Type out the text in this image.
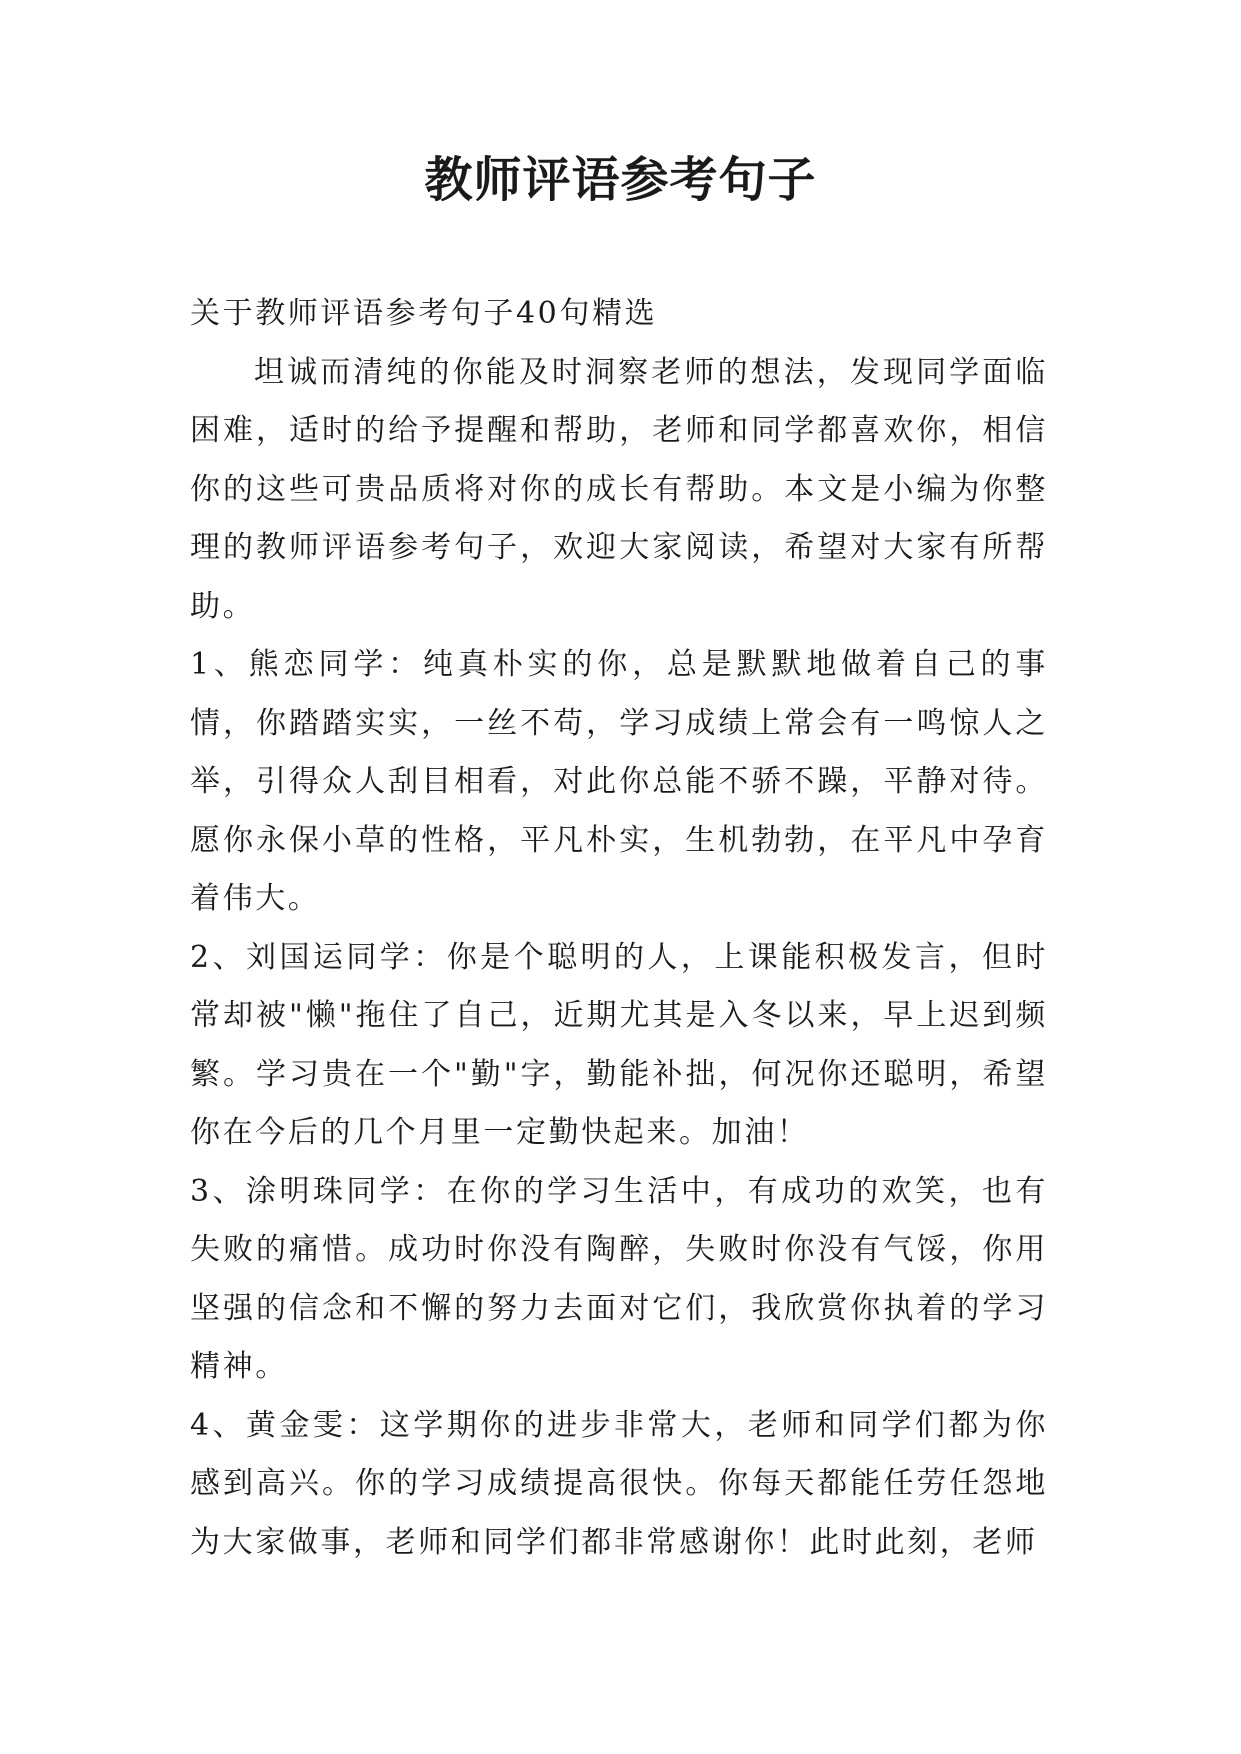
教师评语参考句子

关于教师评语参考句子40句精选

坦诚而清纯的你能及时洞察老师的想法，发现同学面临困难，适时的给予提醒和帮助，老师和同学都喜欢你，相信你的这些可贵品质将对你的成长有帮助。本文是小编为你整理的教师评语参考句子，欢迎大家阅读，希望对大家有所帮助。

1、熊恋同学：纯真朴实的你，总是默默地做着自己的事情，你踏踏实实，一丝不苟，学习成绩上常会有一鸣惊人之举，引得众人刮目相看，对此你总能不骄不躁，平静对待。愿你永保小草的性格，平凡朴实，生机勃勃，在平凡中孕育着伟大。

2、刘国运同学：你是个聪明的人，上课能积极发言，但时常却被"懒"拖住了自己，近期尤其是入冬以来，早上迟到频繁。学习贵在一个"勤"字，勤能补拙，何况你还聪明，希望你在今后的几个月里一定勤快起来。加油！

3、涂明珠同学：在你的学习生活中，有成功的欢笑，也有失败的痛惜。成功时你没有陶醉，失败时你没有气馁，你用坚强的信念和不懈的努力去面对它们，我欣赏你执着的学习精神。

4、黄金雯：这学期你的进步非常大，老师和同学们都为你感到高兴。你的学习成绩提高很快。你每天都能任劳任怨地为大家做事，老师和同学们都非常感谢你！此时此刻，老师
